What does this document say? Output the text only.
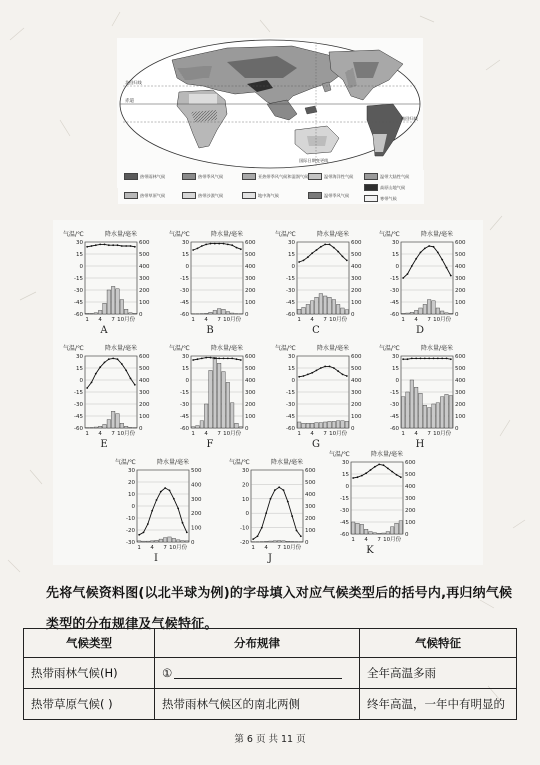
赤道
北回归线
南回归线
国际日期变更线
热带雨林气候	热带季风气候	亚热带季风气候和湿润气候	温带海洋性气候	温带大陆性气候
高原山地气候
热带草原气候	热带沙漠气候	地中海气候	温带季风气候
寒带气候
气温/℃	降水量/毫米
30
15
0
-15
-30
-45
-60
600
500
400
300
200
100
0
1 4 7 10月份
A
气温/℃	降水量/毫米
30
15
0
-15
-30
-45
-60
600
500
400
300
200
100
0
1 4 7 10月份
B
气温/℃	降水量/毫米
30
15
0
-15
-30
-45
-60
600
500
400
300
200
100
0
1 4 7 10月份
C
气温/℃	降水量/毫米
30
15
0
-15
-30
-45
-60
600
500
400
300
200
100
0
1 4 7 10月份
D
气温/℃	降水量/毫米
30
15
0
-15
-30
-45
-60
600
500
400
300
200
100
0
1 4 7 10月份
E
气温/℃	降水量/毫米
30
15
0
-15
-30
-45
-60
600
500
400
300
200
100
0
1 4 7 10月份
F
气温/℃	降水量/毫米
30
15
0
-15
-30
-45
-60
600
500
400
300
200
100
0
1 4 7 10月份
G
气温/℃	降水量/毫米
30
15
0
-15
-30
-45
-60
600
500
400
300
200
100
0
1 4 7 10月份
H
气温/℃	降水量/毫米
30
20
10
0
-10
-20
-30
500
400
300
200
100
0
1 4 7 10月份
I
气温/℃	降水量/毫米
30
20
10
0
-10
-20
600
500
400
300
200
100
0
1 4 7 10月份
J
气温/℃	降水量/毫米
30
15
0
-15
-30
-45
-60
600
500
400
300
200
100
0
1 4 7 10月份
K
先将气候资料图(以北半球为例)的字母填入对应气候类型后的括号内,再归纳气候类型的分布规律及气候特征。
气候类型	分布规律	气候特征
热带雨林气候(H)	①	全年高温多雨
热带草原气候( )	热带雨林气候区的南北两侧	终年高温，一年中有明显的
第 6 页 共 11 页
